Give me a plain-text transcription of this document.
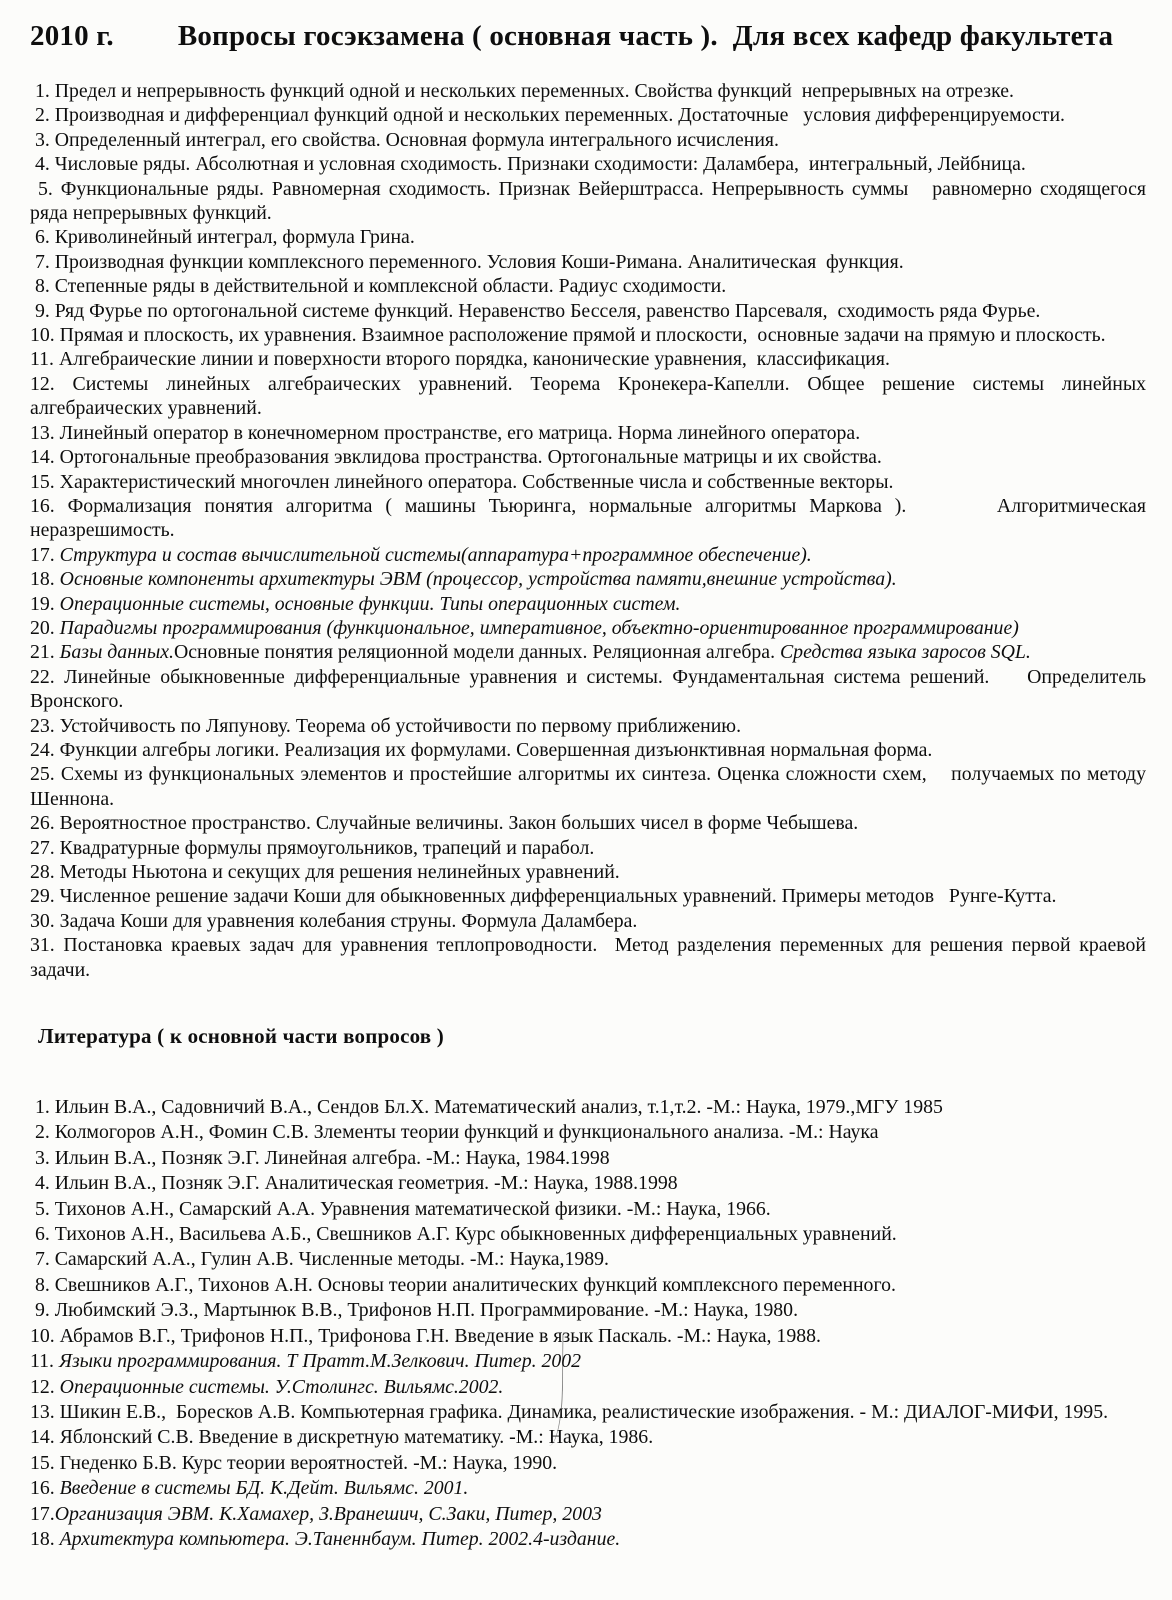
2010 г. Вопросы госэкзамена ( основная часть ).  Для всех кафедр факультета

1. Предел и непрерывность функций одной и нескольких переменных. Свойства функций  непрерывных на отрезке.

2. Производная и дифференциал функций одной и нескольких переменных. Достаточные   условия дифференцируемости.

3. Определенный интеграл, его свойства. Основная формула интегрального исчисления.

4. Числовые ряды. Абсолютная и условная сходимость. Признаки сходимости: Даламбера,  интегральный, Лейбница.

5. Функциональные ряды. Равномерная сходимость. Признак Вейерштрасса. Непрерывность суммы   равномерно сходящегося ряда непрерывных функций.

6. Криволинейный интеграл, формула Грина.

7. Производная функции комплексного переменного. Условия Коши-Римана. Аналитическая  функция.

8. Степенные ряды в действительной и комплексной области. Радиус сходимости.

9. Ряд Фурье по ортогональной системе функций. Неравенство Бесселя, равенство Парсеваля,  сходимость ряда Фурье.

10. Прямая и плоскость, их уравнения. Взаимное расположение прямой и плоскости,  основные задачи на прямую и плоскость.

11. Алгебраические линии и поверхности второго порядка, канонические уравнения,  классификация.

12. Системы линейных алгебраических уравнений. Теорема Кронекера-Капелли. Общее решение системы линейных алгебраических уравнений.

13. Линейный оператор в конечномерном пространстве, его матрица. Норма линейного оператора.

14. Ортогональные преобразования эвклидова пространства. Ортогональные матрицы и их свойства.

15. Характеристический многочлен линейного оператора. Собственные числа и собственные векторы.

16. Формализация понятия алгоритма ( машины Тьюринга, нормальные алгоритмы Маркова ).       Алгоритмическая неразрешимость.

17. Структура и состав вычислительной системы(аппаратура+программное обеспечение).

18. Основные компоненты архитектуры ЭВМ (процессор, устройства памяти,внешние устройства).

19. Операционные системы, основные функции. Типы операционных систем.

20. Парадигмы программирования (функциональное, императивное, объектно-ориентированное программирование)

21. Базы данных.Основные понятия реляционной модели данных. Реляционная алгебра. Средства языка заросов SQL.

22. Линейные обыкновенные дифференциальные уравнения и системы. Фундаментальная система решений.    Определитель Вронского.

23. Устойчивость по Ляпунову. Теорема об устойчивости по первому приближению.

24. Функции алгебры логики. Реализация их формулами. Совершенная дизъюнктивная нормальная форма.

25. Схемы из функциональных элементов и простейшие алгоритмы их синтеза. Оценка сложности схем,    получаемых по методу Шеннона.

26. Вероятностное пространство. Случайные величины. Закон больших чисел в форме Чебышева.

27. Квадратурные формулы прямоугольников, трапеций и парабол.

28. Методы Ньютона и секущих для решения нелинейных уравнений.

29. Численное решение задачи Коши для обыкновенных дифференциальных уравнений. Примеры методов   Рунге-Кутта.

30. Задача Коши для уравнения колебания струны. Формула Даламбера.

31. Постановка краевых задач для уравнения теплопроводности.  Метод разделения переменных для решения первой краевой задачи.

Литература ( к основной части вопросов )

1. Ильин В.А., Садовничий В.А., Сендов Бл.Х. Математический анализ, т.1,т.2. -М.: Наука, 1979.,МГУ 1985

2. Колмогоров А.Н., Фомин С.В. Злементы теории функций и функционального анализа. -М.: Наука

3. Ильин В.А., Позняк Э.Г. Линейная алгебра. -М.: Наука, 1984.1998

4. Ильин В.А., Позняк Э.Г. Аналитическая геометрия. -М.: Наука, 1988.1998

5. Тихонов А.Н., Самарский А.А. Уравнения математической физики. -М.: Наука, 1966.

6. Тихонов А.Н., Васильева А.Б., Свешников А.Г. Курс обыкновенных дифференциальных уравнений.

7. Самарский А.А., Гулин А.В. Численные методы. -М.: Наука,1989.

8. Свешников А.Г., Тихонов А.Н. Основы теории аналитических функций комплексного переменного.

9. Любимский Э.З., Мартынюк В.В., Трифонов Н.П. Программирование. -М.: Наука, 1980.

10. Абрамов В.Г., Трифонов Н.П., Трифонова Г.Н. Введение в язык Паскаль. -М.: Наука, 1988.

11. Языки программирования. Т Пратт.М.Зелкович. Питер. 2002

12. Операционные системы. У.Столингс. Вильямс.2002.

13. Шикин Е.В.,  Боресков А.В. Компьютерная графика. Динамика, реалистические изображения. - М.: ДИАЛОГ-МИФИ, 1995.

14. Яблонский С.В. Введение в дискретную математику. -М.: Наука, 1986.

15. Гнеденко Б.В. Курс теории вероятностей. -М.: Наука, 1990.

16. Введение в системы БД. К.Дейт. Вильямс. 2001.

17.Организация ЭВМ. К.Хамахер, З.Вранешич, С.Заки, Питер, 2003

18. Архитектура компьютера. Э.Таненнбаум. Питер. 2002.4-издание.
